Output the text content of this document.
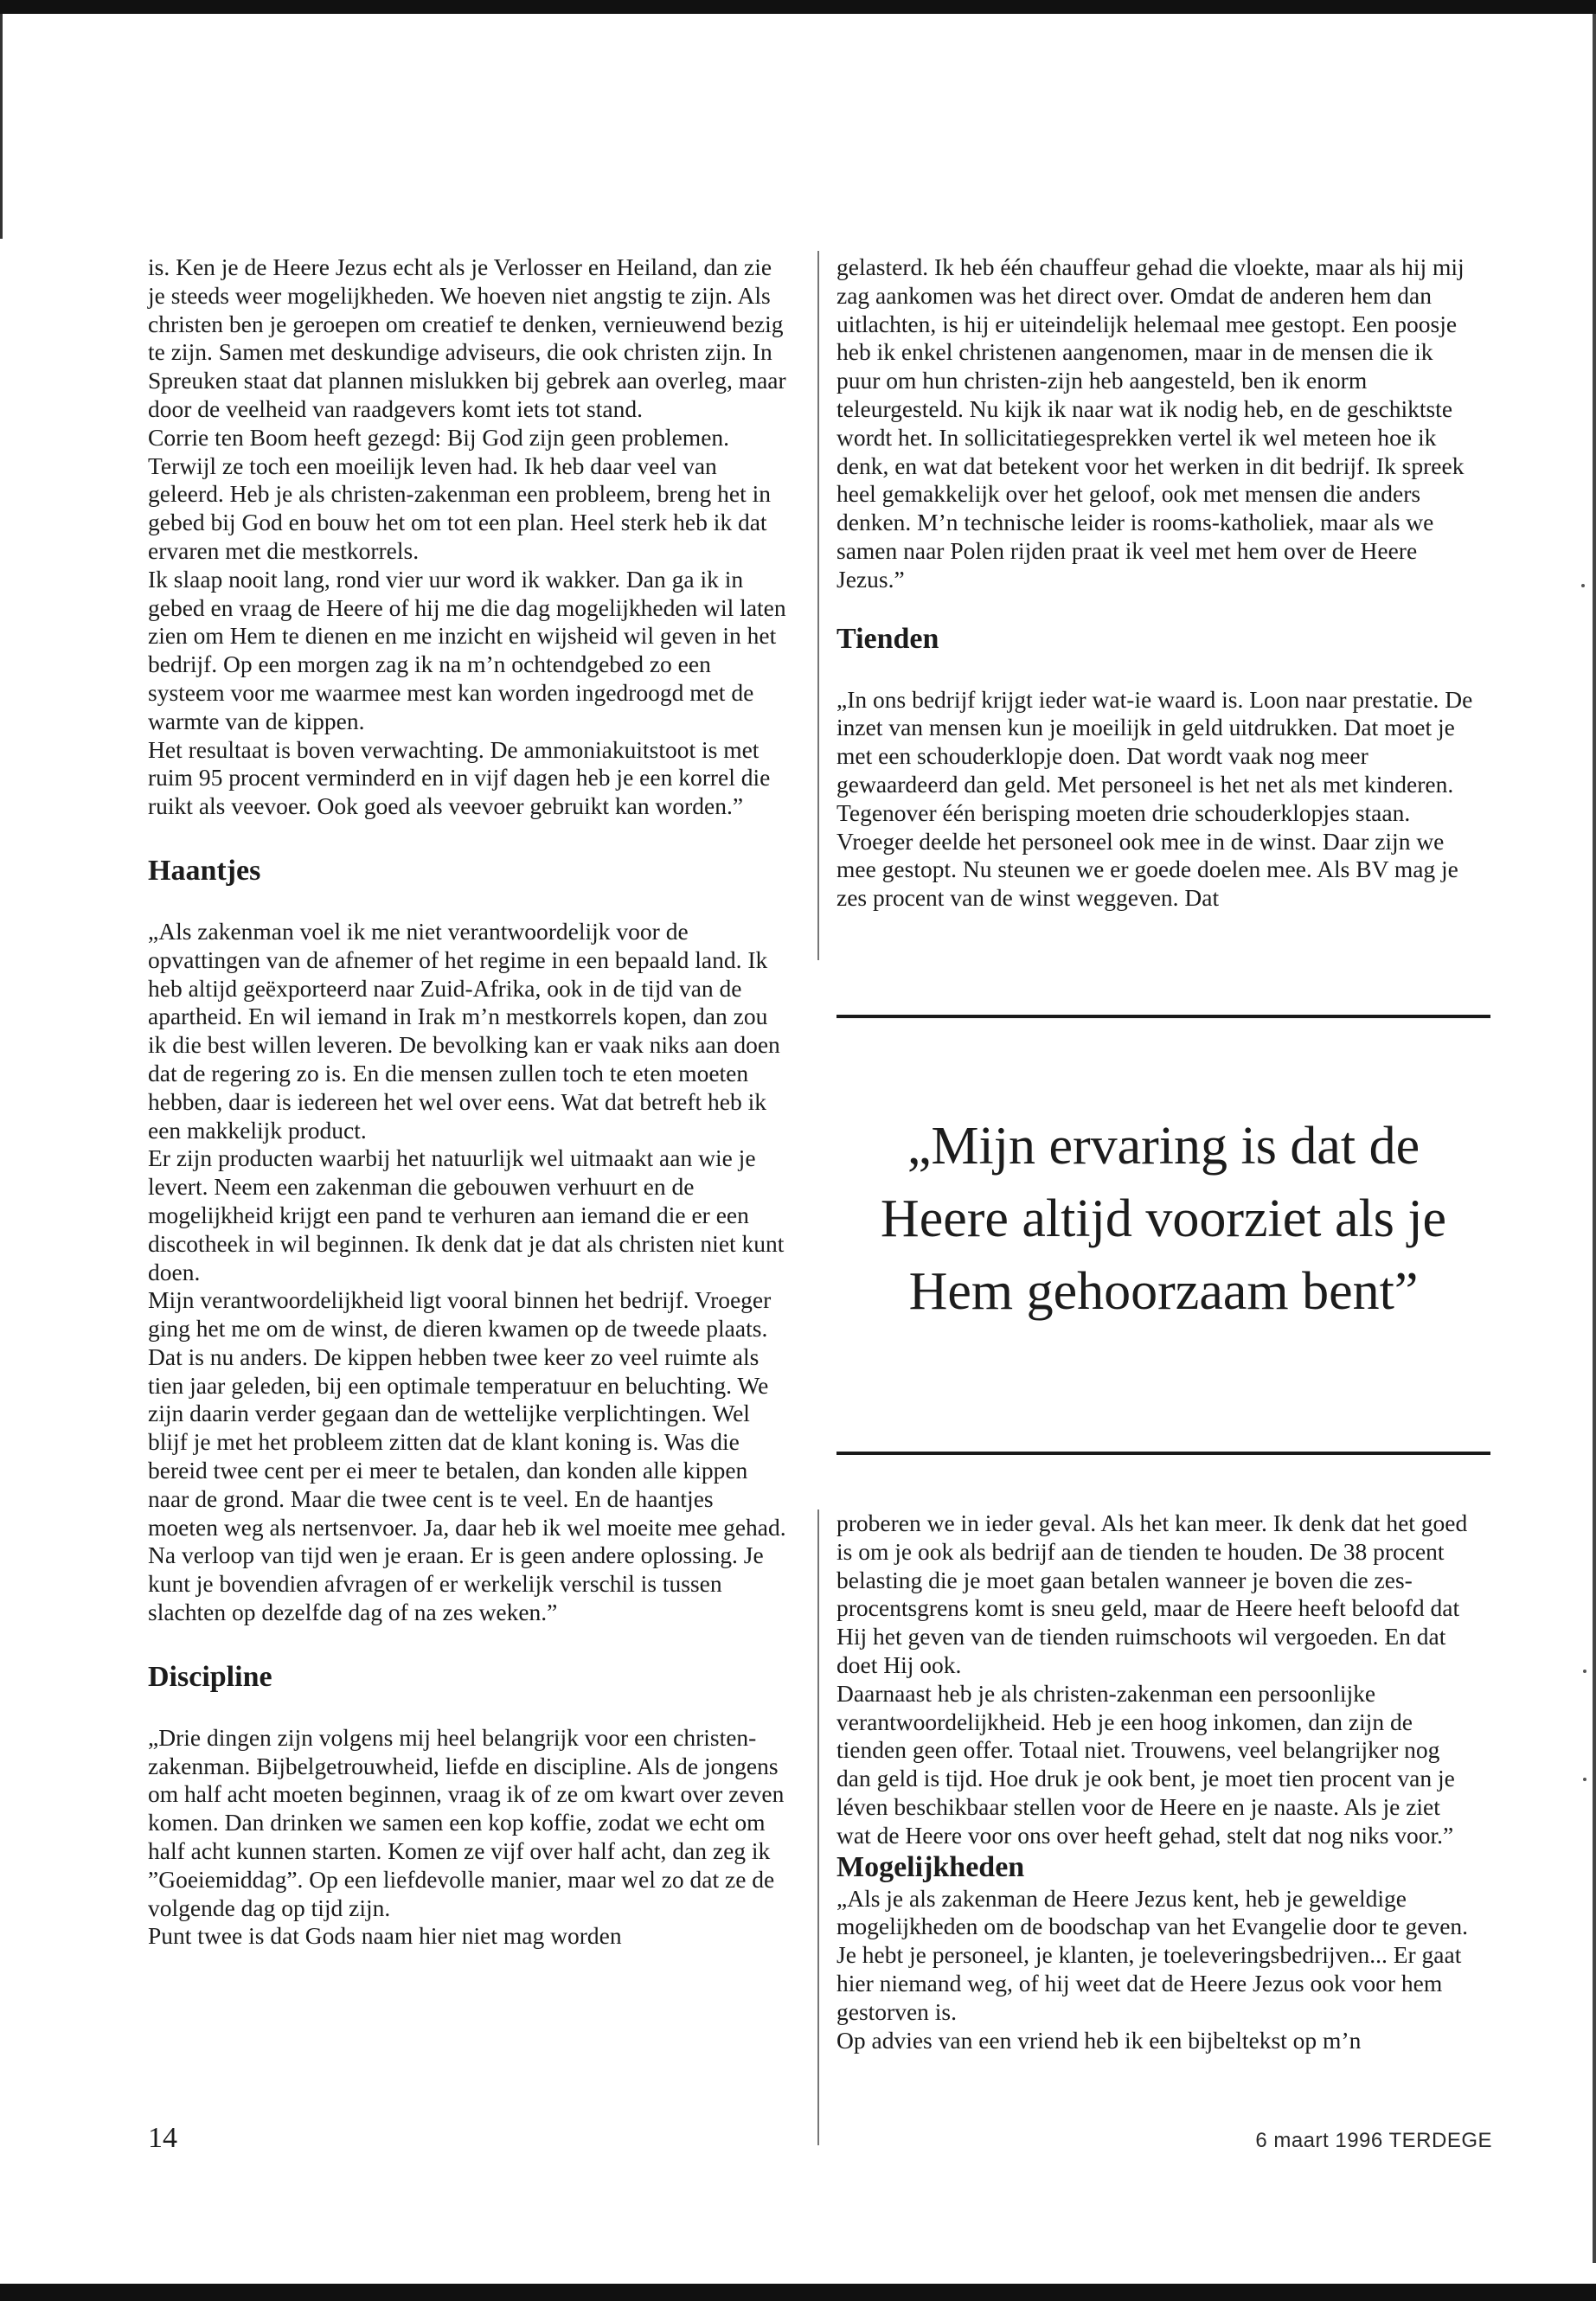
is. Ken je de Heere Jezus echt als je Verlosser en Heiland, dan zie je steeds weer mogelijkheden. We hoeven niet angstig te zijn. Als christen ben je geroepen om creatief te denken, vernieuwend bezig te zijn. Samen met deskundige adviseurs, die ook christen zijn. In Spreuken staat dat plannen mislukken bij gebrek aan overleg, maar door de veelheid van raadgevers komt iets tot stand.

Corrie ten Boom heeft gezegd: Bij God zijn geen problemen. Terwijl ze toch een moeilijk leven had. Ik heb daar veel van geleerd. Heb je als christen-zakenman een probleem, breng het in gebed bij God en bouw het om tot een plan. Heel sterk heb ik dat ervaren met die mestkorrels.

Ik slaap nooit lang, rond vier uur word ik wakker. Dan ga ik in gebed en vraag de Heere of hij me die dag mogelijkheden wil laten zien om Hem te dienen en me inzicht en wijsheid wil geven in het bedrijf. Op een morgen zag ik na m’n ochtendgebed zo een systeem voor me waarmee mest kan worden ingedroogd met de warmte van de kippen.

Het resultaat is boven verwachting. De ammoniakuitstoot is met ruim 95 procent verminderd en in vijf dagen heb je een korrel die ruikt als veevoer. Ook goed als veevoer gebruikt kan worden.”

Haantjes

„Als zakenman voel ik me niet verantwoordelijk voor de opvattingen van de afnemer of het regime in een bepaald land. Ik heb altijd geëxporteerd naar Zuid-Afrika, ook in de tijd van de apartheid. En wil iemand in Irak m’n mestkorrels kopen, dan zou ik die best willen leveren. De bevolking kan er vaak niks aan doen dat de regering zo is. En die mensen zullen toch te eten moeten hebben, daar is iedereen het wel over eens. Wat dat betreft heb ik een makkelijk product.

Er zijn producten waarbij het natuurlijk wel uitmaakt aan wie je levert. Neem een zakenman die gebouwen verhuurt en de mogelijkheid krijgt een pand te verhuren aan iemand die er een discotheek in wil beginnen. Ik denk dat je dat als christen niet kunt doen.

Mijn verantwoordelijkheid ligt vooral binnen het bedrijf. Vroeger ging het me om de winst, de dieren kwamen op de tweede plaats. Dat is nu anders. De kippen hebben twee keer zo veel ruimte als tien jaar geleden, bij een optimale temperatuur en beluchting. We zijn daarin verder gegaan dan de wettelijke verplichtingen. Wel blijf je met het probleem zitten dat de klant koning is. Was die bereid twee cent per ei meer te betalen, dan konden alle kippen naar de grond. Maar die twee cent is te veel. En de haantjes moeten weg als nertsenvoer. Ja, daar heb ik wel moeite mee gehad. Na verloop van tijd wen je eraan. Er is geen andere oplossing. Je kunt je bovendien afvragen of er werkelijk verschil is tussen slachten op dezelfde dag of na zes weken.”

Discipline

„Drie dingen zijn volgens mij heel belangrijk voor een christen-zakenman. Bijbelgetrouwheid, liefde en discipline. Als de jongens om half acht moeten beginnen, vraag ik of ze om kwart over zeven komen. Dan drinken we samen een kop koffie, zodat we echt om half acht kunnen starten. Komen ze vijf over half acht, dan zeg ik ”Goeiemiddag”. Op een liefdevolle manier, maar wel zo dat ze de volgende dag op tijd zijn.

Punt twee is dat Gods naam hier niet mag worden

gelasterd. Ik heb één chauffeur gehad die vloekte, maar als hij mij zag aankomen was het direct over. Omdat de anderen hem dan uitlachten, is hij er uiteindelijk helemaal mee gestopt. Een poosje heb ik enkel christenen aangenomen, maar in de mensen die ik puur om hun christen-zijn heb aangesteld, ben ik enorm teleurgesteld. Nu kijk ik naar wat ik nodig heb, en de geschiktste wordt het. In sollicitatiegesprekken vertel ik wel meteen hoe ik denk, en wat dat betekent voor het werken in dit bedrijf. Ik spreek heel gemakkelijk over het geloof, ook met mensen die anders denken. M’n technische leider is rooms-katholiek, maar als we samen naar Polen rijden praat ik veel met hem over de Heere Jezus.”

Tienden

„In ons bedrijf krijgt ieder wat-ie waard is. Loon naar prestatie. De inzet van mensen kun je moeilijk in geld uitdrukken. Dat moet je met een schouderklopje doen. Dat wordt vaak nog meer gewaardeerd dan geld. Met personeel is het net als met kinderen. Tegenover één berisping moeten drie schouderklopjes staan.

Vroeger deelde het personeel ook mee in de winst. Daar zijn we mee gestopt. Nu steunen we er goede doelen mee. Als BV mag je zes procent van de winst weggeven. Dat

„Mijn ervaring is dat de
Heere altijd voorziet als je
Hem gehoorzaam bent”

proberen we in ieder geval. Als het kan meer. Ik denk dat het goed is om je ook als bedrijf aan de tienden te houden. De 38 procent belasting die je moet gaan betalen wanneer je boven die zes-procentsgrens komt is sneu geld, maar de Heere heeft beloofd dat Hij het geven van de tienden ruimschoots wil vergoeden. En dat doet Hij ook.

Daarnaast heb je als christen-zakenman een persoonlijke verantwoordelijkheid. Heb je een hoog inkomen, dan zijn de tienden geen offer. Totaal niet. Trouwens, veel belangrijker nog dan geld is tijd. Hoe druk je ook bent, je moet tien procent van je léven beschikbaar stellen voor de Heere en je naaste. Als je ziet wat de Heere voor ons over heeft gehad, stelt dat nog niks voor.”

Mogelijkheden

„Als je als zakenman de Heere Jezus kent, heb je geweldige mogelijkheden om de boodschap van het Evangelie door te geven. Je hebt je personeel, je klanten, je toeleveringsbedrijven... Er gaat hier niemand weg, of hij weet dat de Heere Jezus ook voor hem gestorven is.

Op advies van een vriend heb ik een bijbeltekst op m’n

14	6 maart 1996 TERDEGE
